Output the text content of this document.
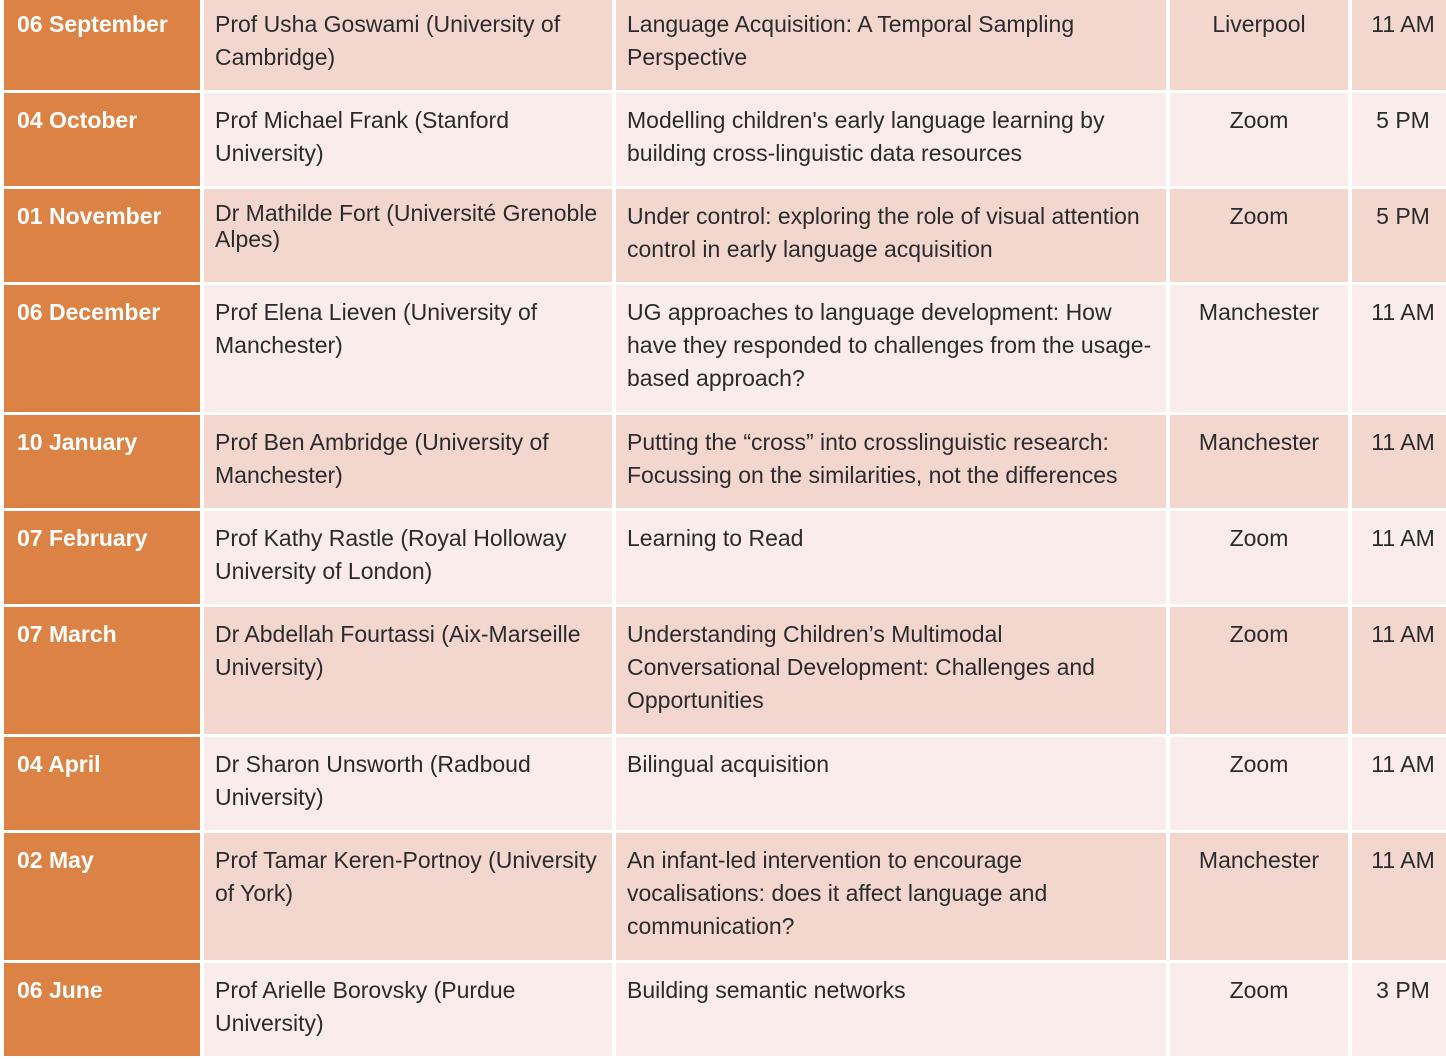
06 September	Prof Usha Goswami (University of Cambridge)	Language Acquisition: A Temporal Sampling Perspective	Liverpool	11 AM
04 October	Prof Michael Frank (Stanford University)	Modelling children's early language learning by building cross-linguistic data resources	Zoom	5 PM
01 November	Dr Mathilde Fort (Université Grenoble Alpes)	Under control: exploring the role of visual attention control in early language acquisition	Zoom	5 PM
06 December	Prof Elena Lieven (University of Manchester)	UG approaches to language development: How have they responded to challenges from the usage-based approach?	Manchester	11 AM
10 January	Prof Ben Ambridge (University of Manchester)	Putting the “cross” into crosslinguistic research: Focussing on the similarities, not the differences	Manchester	11 AM
07 February	Prof Kathy Rastle (Royal Holloway University of London)	Learning to Read	Zoom	11 AM
07 March	Dr Abdellah Fourtassi (Aix-Marseille University)	Understanding Children’s Multimodal Conversational Development: Challenges and Opportunities	Zoom	11 AM
04 April	Dr Sharon Unsworth (Radboud University)	Bilingual acquisition	Zoom	11 AM
02 May	Prof Tamar Keren-Portnoy (University of York)	An infant-led intervention to encourage vocalisations: does it affect language and communication?	Manchester	11 AM
06 June	Prof Arielle Borovsky (Purdue University)	Building semantic networks	Zoom	3 PM
